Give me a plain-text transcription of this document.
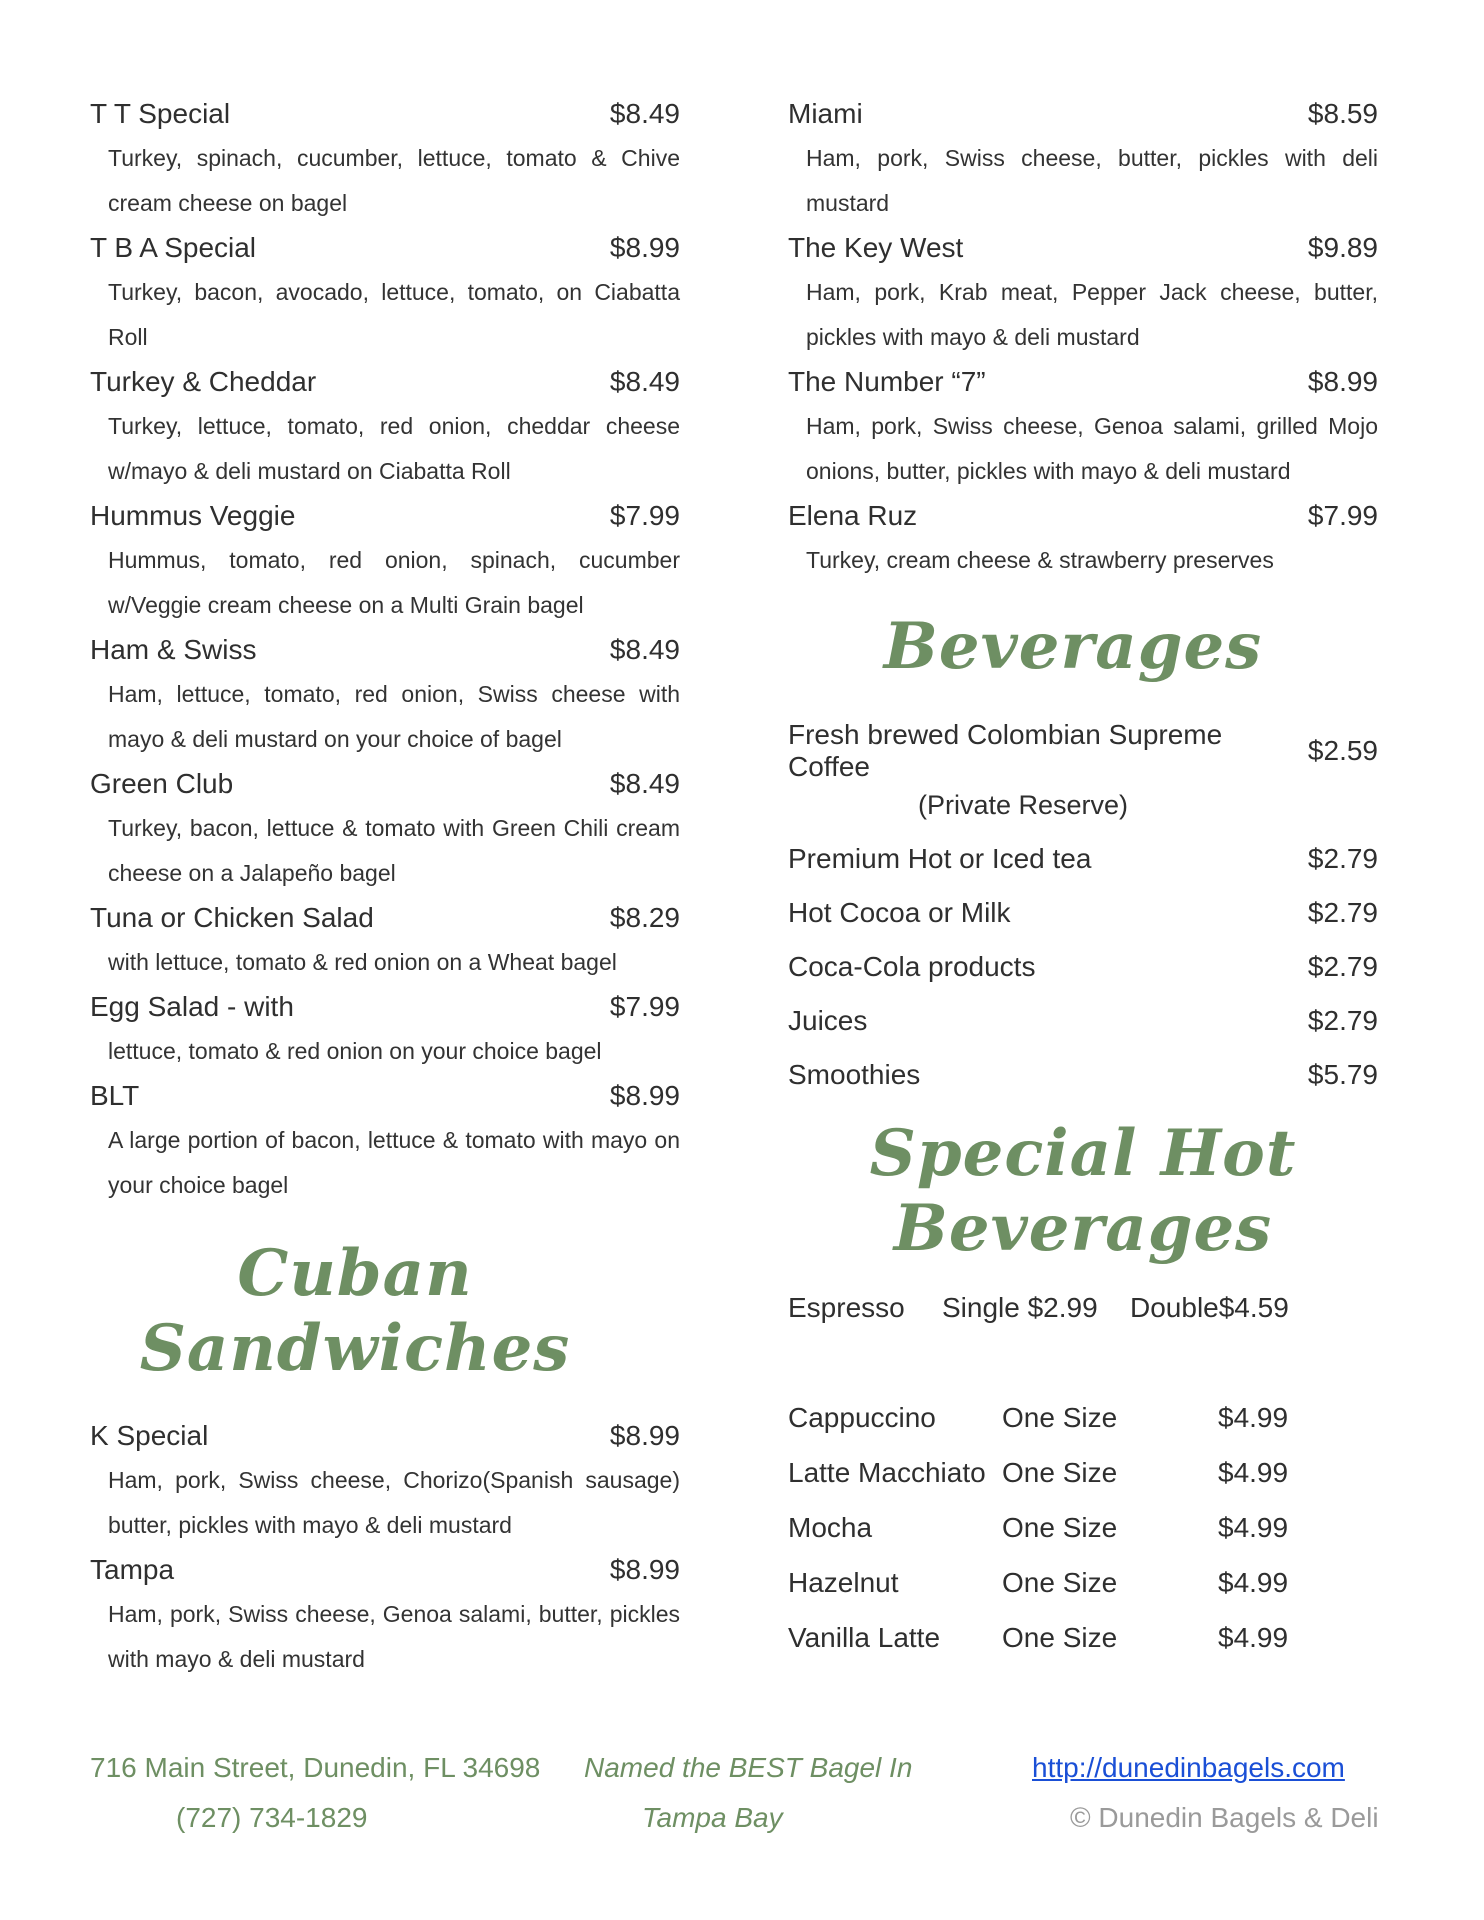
T T Special	$8.49
Turkey, spinach, cucumber, lettuce, tomato & Chive cream cheese on bagel
T B A Special	$8.99
Turkey, bacon, avocado, lettuce, tomato, on Ciabatta Roll
Turkey & Cheddar	$8.49
Turkey, lettuce, tomato, red onion, cheddar cheese w/mayo & deli mustard on Ciabatta Roll
Hummus Veggie	$7.99
Hummus, tomato, red onion, spinach, cucumber w/Veggie cream cheese on a Multi Grain bagel
Ham & Swiss	$8.49
Ham, lettuce, tomato, red onion, Swiss cheese with mayo & deli mustard on your choice of bagel
Green Club	$8.49
Turkey, bacon, lettuce & tomato with Green Chili cream cheese on a Jalapeño bagel
Tuna or Chicken Salad	$8.29
with lettuce, tomato & red onion on a Wheat bagel
Egg Salad - with	$7.99
lettuce, tomato & red onion on your choice bagel
BLT	$8.99
A large portion of bacon, lettuce & tomato with mayo on your choice bagel
Cuban Sandwiches
K Special	$8.99
Ham, pork, Swiss cheese, Chorizo(Spanish sausage) butter, pickles with mayo & deli mustard
Tampa	$8.99
Ham, pork, Swiss cheese, Genoa salami, butter, pickles with mayo & deli mustard
Miami	$8.59
Ham, pork, Swiss cheese, butter, pickles with deli mustard
The Key West	$9.89
Ham, pork, Krab meat, Pepper Jack cheese, butter, pickles with mayo & deli mustard
The Number “7”	$8.99
Ham, pork, Swiss cheese, Genoa salami, grilled Mojo onions, butter, pickles with mayo & deli mustard
Elena Ruz	$7.99
Turkey, cream cheese & strawberry preserves
Beverages
Fresh brewed Colombian Supreme Coffee
$2.59
(Private Reserve)
Premium Hot or Iced tea	$2.79
Hot Cocoa or Milk	$2.79
Coca-Cola products	$2.79
Juices	$2.79
Smoothies	$5.79
Special Hot Beverages
Espresso	Single $2.99	Double$4.59
Cappuccino	One Size	$4.99
Latte Macchiato One Size	$4.99
Mocha	One Size	$4.99
Hazelnut	One Size	$4.99
Vanilla Latte	One Size	$4.99
716 Main Street, Dunedin, FL 34698
(727) 734-1829
Named the BEST Bagel In
Tampa Bay
http://dunedinbagels.com
© Dunedin Bagels & Deli
